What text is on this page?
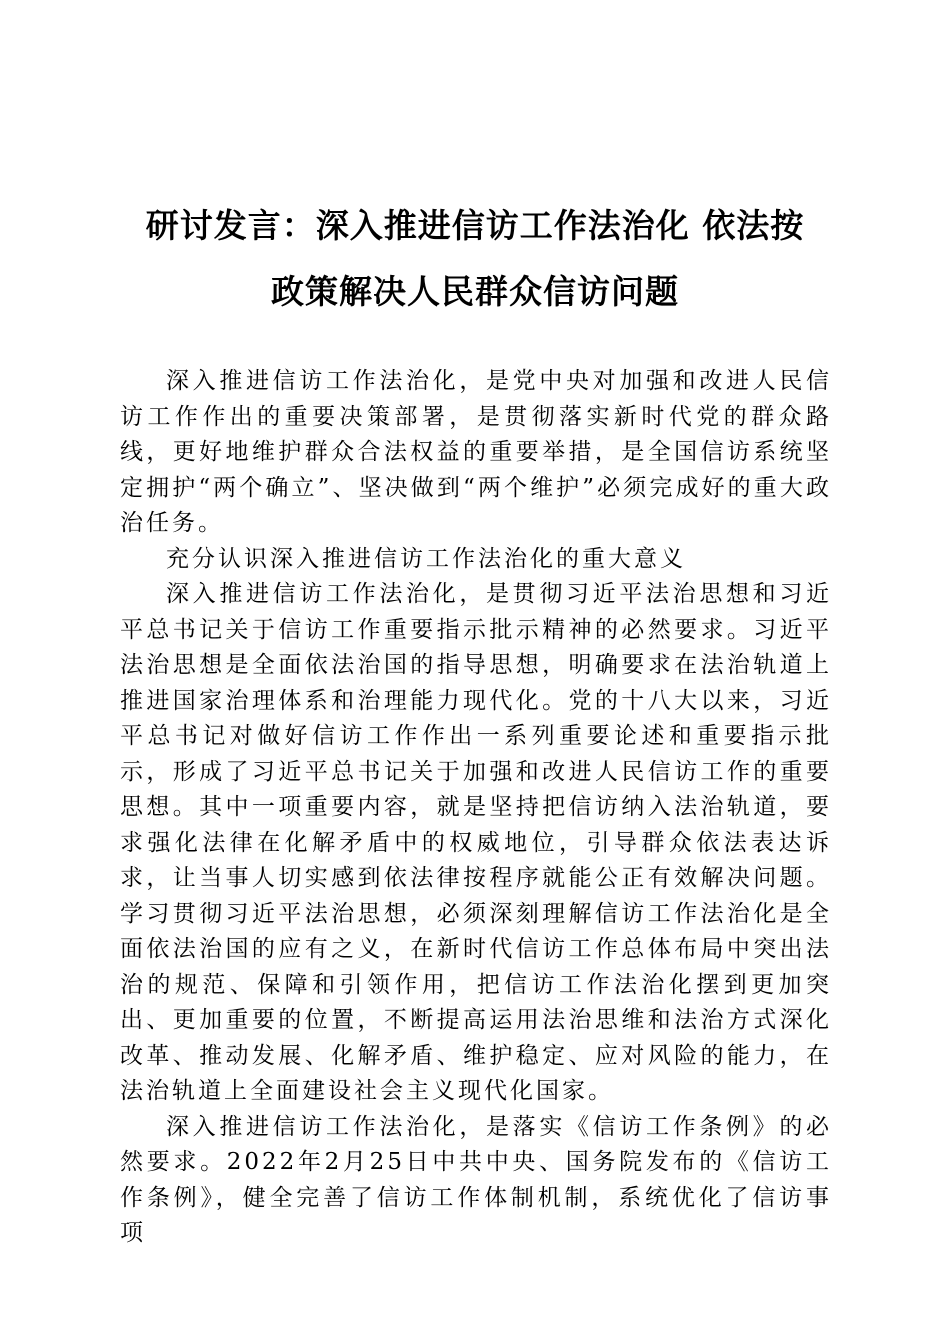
研讨发言：深入推进信访工作法治化 依法按
政策解决人民群众信访问题

深入推进信访工作法治化，是党中央对加强和改进人民信访工作作出的重要决策部署，是贯彻落实新时代党的群众路线，更好地维护群众合法权益的重要举措，是全国信访系统坚定拥护“两个确立”、坚决做到“两个维护”必须完成好的重大政治任务。

充分认识深入推进信访工作法治化的重大意义

深入推进信访工作法治化，是贯彻习近平法治思想和习近平总书记关于信访工作重要指示批示精神的必然要求。习近平法治思想是全面依法治国的指导思想，明确要求在法治轨道上推进国家治理体系和治理能力现代化。党的十八大以来，习近平总书记对做好信访工作作出一系列重要论述和重要指示批示，形成了习近平总书记关于加强和改进人民信访工作的重要思想。其中一项重要内容，就是坚持把信访纳入法治轨道，要求强化法律在化解矛盾中的权威地位，引导群众依法表达诉求，让当事人切实感到依法律按程序就能公正有效解决问题。学习贯彻习近平法治思想，必须深刻理解信访工作法治化是全面依法治国的应有之义，在新时代信访工作总体布局中突出法治的规范、保障和引领作用，把信访工作法治化摆到更加突出、更加重要的位置，不断提高运用法治思维和法治方式深化改革、推动发展、化解矛盾、维护稳定、应对风险的能力，在法治轨道上全面建设社会主义现代化国家。

深入推进信访工作法治化，是落实《信访工作条例》的必然要求。2022年2月25日中共中央、国务院发布的《信访工作条例》，健全完善了信访工作体制机制，系统优化了信访事项
